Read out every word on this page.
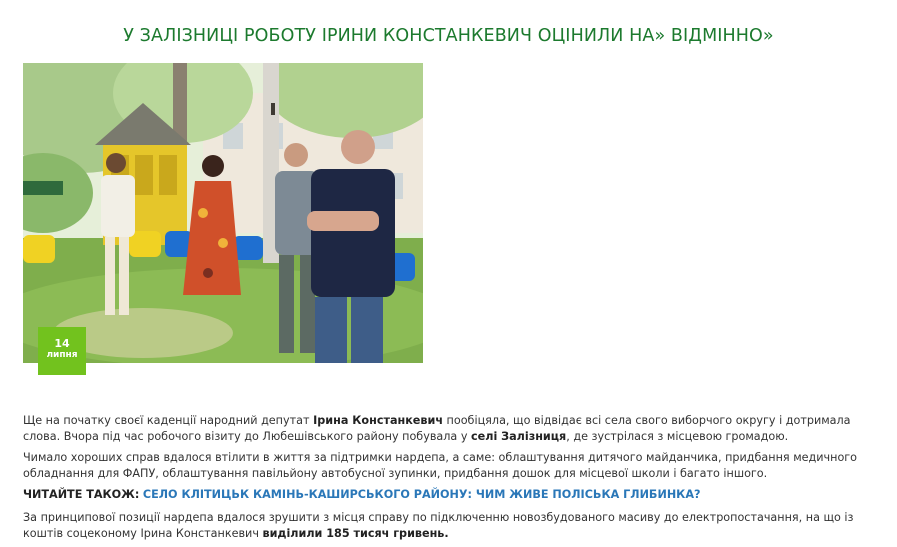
У ЗАЛІЗНИЦІ РОБОТУ ІРИНИ КОНСТАНКЕВИЧ ОЦІНИЛИ НА» ВІДМІННО»
14
липня

Ще на початку своєї каденції народний депутат Ірина Констанкевич пообіцяла, що відвідає всі села свого виборчого округу і дотримала слова. Вчора під час робочого візиту до Любешівського району побувала у селі Залізниця, де зустрілася з місцевою громадою.

Чимало хороших справ вдалося втілити в життя за підтримки нардепа, а саме: облаштування дитячого майданчика, придбання медичного обладнання для ФАПУ, облаштування павільйону автобусної зупинки, придбання дошок для місцевої школи і багато іншого.

ЧИТАЙТЕ ТАКОЖ: СЕЛО КЛІТИЦЬК КАМІНЬ-КАШИРСЬКОГО РАЙОНУ: ЧИМ ЖИВЕ ПОЛІСЬКА ГЛИБИНКА?

За принципової позиції нардепа вдалося зрушити з місця справу по підключенню новозбудованого масиву до електропостачання, на що із коштів соцеконому Ірина Констанкевич виділили 185 тисяч гривень.
